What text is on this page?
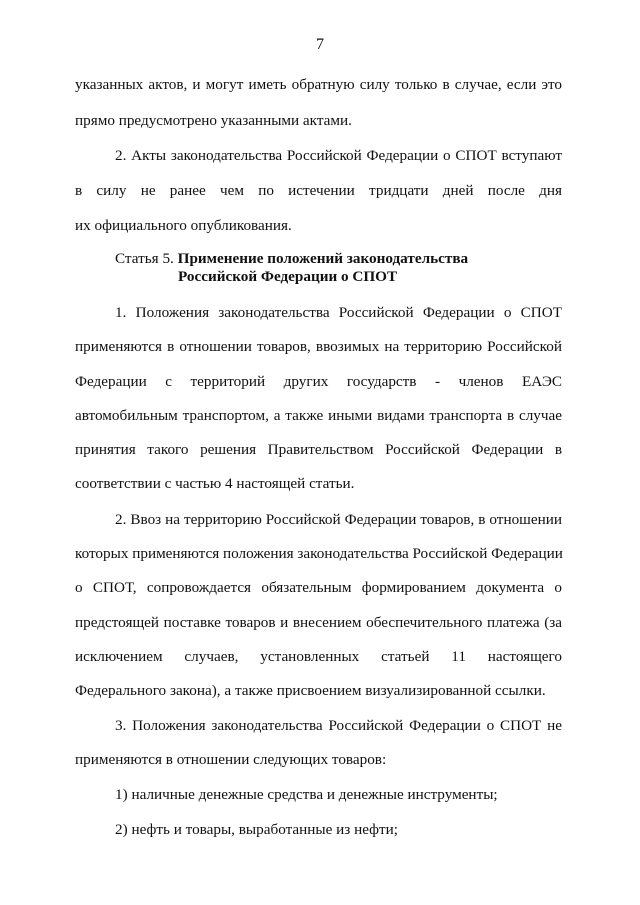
7
указанных актов, и могут иметь обратную силу только в случае, если это
прямо предусмотрено указанными актами.
2. Акты законодательства Российской Федерации о СПОТ вступают
в силу не ранее чем по истечении тридцати дней после дня
их официального опубликования.
Статья 5. Применение положений законодательства
Российской Федерации о СПОТ
1. Положения законодательства Российской Федерации о СПОТ
применяются в отношении товаров, ввозимых на территорию Российской
Федерации с территорий других государств - членов ЕАЭС
автомобильным транспортом, а также иными видами транспорта в случае
принятия такого решения Правительством Российской Федерации в
соответствии с частью 4 настоящей статьи.
2. Ввоз на территорию Российской Федерации товаров, в отношении
которых применяются положения законодательства Российской Федерации
о СПОТ, сопровождается обязательным формированием документа о
предстоящей поставке товаров и внесением обеспечительного платежа (за
исключением случаев, установленных статьей 11 настоящего
Федерального закона), а также присвоением визуализированной ссылки.
3. Положения законодательства Российской Федерации о СПОТ не
применяются в отношении следующих товаров:
1) наличные денежные средства и денежные инструменты;
2) нефть и товары, выработанные из нефти;
